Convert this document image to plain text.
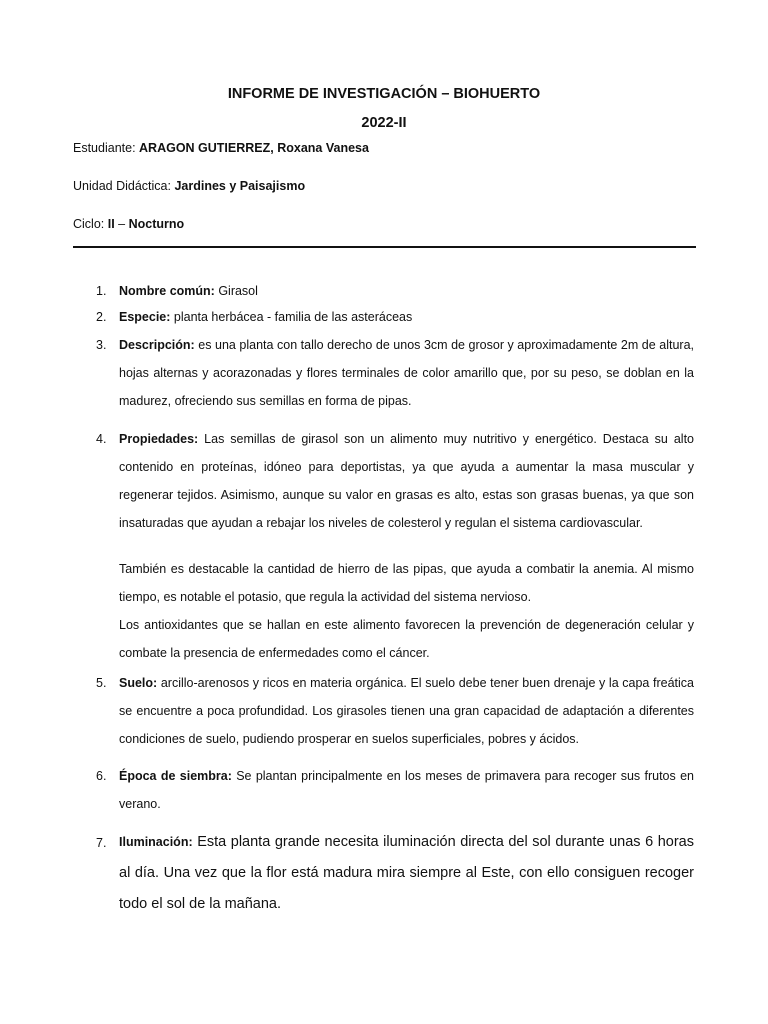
INFORME DE INVESTIGACIÓN – BIOHUERTO
2022-II
Estudiante: ARAGON GUTIERREZ, Roxana Vanesa
Unidad Didáctica: Jardines y Paisajismo
Ciclo: II – Nocturno
1.	Nombre común: Girasol
2.	Especie: planta herbácea - familia de las asteráceas
3.	Descripción: es una planta con tallo derecho de unos 3cm de grosor y aproximadamente 2m de altura, hojas alternas y acorazonadas y flores terminales de color amarillo que, por su peso, se doblan en la madurez, ofreciendo sus semillas en forma de pipas.
4.	Propiedades: Las semillas de girasol son un alimento muy nutritivo y energético. Destaca su alto contenido en proteínas, idóneo para deportistas, ya que ayuda a aumentar la masa muscular y regenerar tejidos. Asimismo, aunque su valor en grasas es alto, estas son grasas buenas, ya que son insaturadas que ayudan a rebajar los niveles de colesterol y regulan el sistema cardiovascular.

También es destacable la cantidad de hierro de las pipas, que ayuda a combatir la anemia. Al mismo tiempo, es notable el potasio, que regula la actividad del sistema nervioso.

Los antioxidantes que se hallan en este alimento favorecen la prevención de degeneración celular y combate la presencia de enfermedades como el cáncer.

5.	Suelo: arcillo-arenosos y ricos en materia orgánica. El suelo debe tener buen drenaje y la capa freática se encuentre a poca profundidad. Los girasoles tienen una gran capacidad de adaptación a diferentes condiciones de suelo, pudiendo prosperar en suelos superficiales, pobres y ácidos.
6.	Época de siembra: Se plantan principalmente en los meses de primavera para recoger sus frutos en verano.
7.	Iluminación: Esta planta grande necesita iluminación directa del sol durante unas 6 horas al día. Una vez que la flor está madura mira siempre al Este, con ello consiguen recoger todo el sol de la mañana.
